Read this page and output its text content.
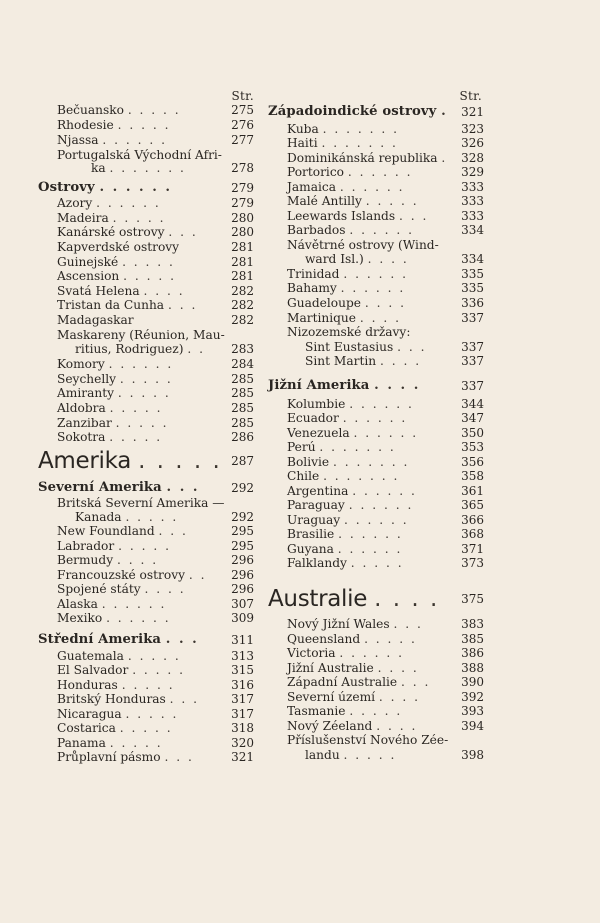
Str.
Bečuansko . . . . .	275
Rhodesie . . . . .	276
Njassa . . . . . .	277
Portugalská Východní Afri-
ka . . . . . . .	278
Ostrovy . . . . . .	279
Azory . . . . . .	279
Madeira . . . . .	280
Kanárské ostrovy . . .	280
Kapverdské ostrovy	281
Guinejské . . . . .	281
Ascension . . . . .	281
Svatá Helena . . . .	282
Tristan da Cunha . . .	282
Madagaskar	282
Maskareny (Réunion, Mau-
ritius, Rodriguez) . . 283
Komory . . . . . .	284
Seychelly . . . . .	285
Amiranty . . . . .	285
Aldobra . . . . .	285
Zanzibar . . . . .	285
Sokotra . . . . .	286
Amerika . . . . . 287
Severní Amerika . . .	292
Britská Severní Amerika —
Kanada . . . . .	292
New Foundland . . .	295
Labrador . . . . .	295
Bermudy . . . .	296
Francouzské ostrovy . . 296
Spojené státy . . . .	296
Alaska . . . . . .	307
Mexiko . . . . . .	309
Střední Amerika . . .	311
Guatemala . . . . .	313
El Salvador . . . . .	315
Honduras . . . . .	316
Britský Honduras . . .	317
Nicaragua . . . . .	317
Costarica . . . . .	318
Panama . . . . .	320
Průplavní pásmo . . .	321
Str.
Západoindické ostrovy . 321
Kuba . . . . . . .	323
Haiti . . . . . . .	326
Dominikánská republika . 328
Portorico . . . . . .	329
Jamaica . . . . . .	333
Malé Antilly . . . . .	333
Leewards Islands . . .	333
Barbados . . . . . .	334
Návětrné ostrovy (Wind-
ward Isl.) . . . .	334
Trinidad . . . . . .	335
Bahamy . . . . . .	335
Guadeloupe . . . .	336
Martinique . . . .	337
Nizozemské državy:
Sint Eustasius . . .	337
Sint Martin . . . .	337
Jižní Amerika . . . .	337
Kolumbie . . . . . .	344
Ecuador . . . . . .	347
Venezuela . . . . . .	350
Perú . . . . . . .	353
Bolivie . . . . . . .	356
Chile . . . . . . .	358
Argentina . . . . . .	361
Paraguay . . . . . .	365
Uraguay . . . . . .	366
Brasilie . . . . . .	368
Guyana . . . . . .	371
Falklandy . . . . .	373
Australie . . . . 375
Nový Jižní Wales . . .	383
Queensland . . . . .	385
Victoria . . . . . .	386
Jižní Australie . . . .	388
Západní Australie . . .	390
Severní území . . . .	392
Tasmanie . . . . .	393
Nový Zéeland . . . .	394
Příslušenství Nového Zée-
landu . . . . .	398
